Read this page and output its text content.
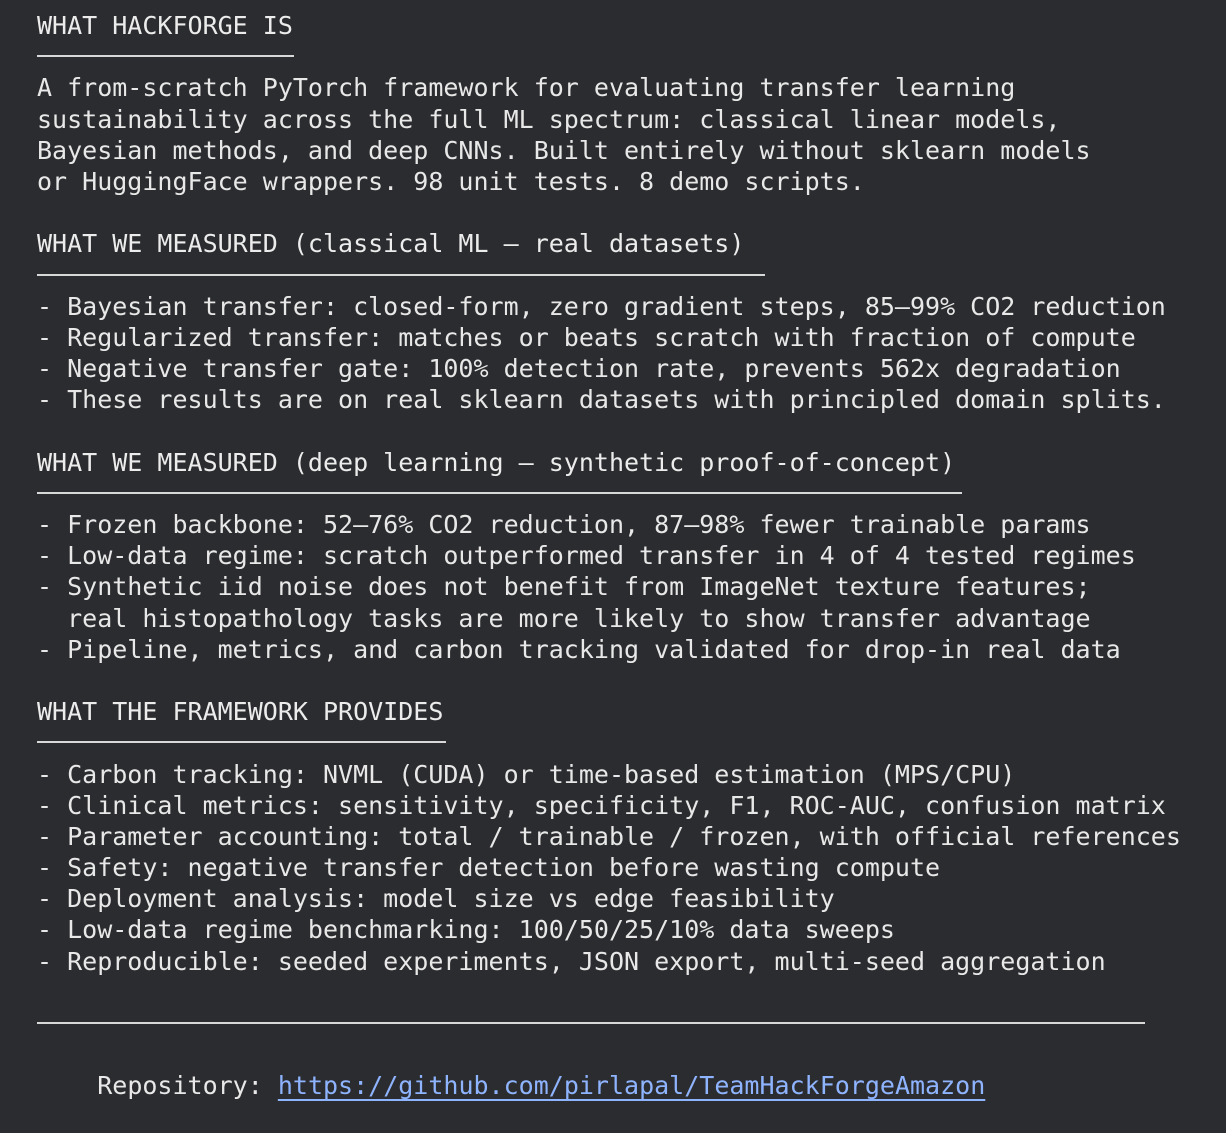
WHAT HACKFORGE IS
A from-scratch PyTorch framework for evaluating transfer learning
sustainability across the full ML spectrum: classical linear models,
Bayesian methods, and deep CNNs. Built entirely without sklearn models
or HuggingFace wrappers. 98 unit tests. 8 demo scripts.
WHAT WE MEASURED (classical ML — real datasets)
- Bayesian transfer: closed-form, zero gradient steps, 85–99% CO2 reduction
- Regularized transfer: matches or beats scratch with fraction of compute
- Negative transfer gate: 100% detection rate, prevents 562x degradation
- These results are on real sklearn datasets with principled domain splits.
WHAT WE MEASURED (deep learning — synthetic proof-of-concept)
- Frozen backbone: 52–76% CO2 reduction, 87–98% fewer trainable params
- Low-data regime: scratch outperformed transfer in 4 of 4 tested regimes
- Synthetic iid noise does not benefit from ImageNet texture features;
real histopathology tasks are more likely to show transfer advantage
- Pipeline, metrics, and carbon tracking validated for drop-in real data
WHAT THE FRAMEWORK PROVIDES
- Carbon tracking: NVML (CUDA) or time-based estimation (MPS/CPU)
- Clinical metrics: sensitivity, specificity, F1, ROC-AUC, confusion matrix
- Parameter accounting: total / trainable / frozen, with official references
- Safety: negative transfer detection before wasting compute
- Deployment analysis: model size vs edge feasibility
- Low-data regime benchmarking: 100/50/25/10% data sweeps
- Reproducible: seeded experiments, JSON export, multi-seed aggregation

Repository: https://github.com/pirlapal/TeamHackForgeAmazon
